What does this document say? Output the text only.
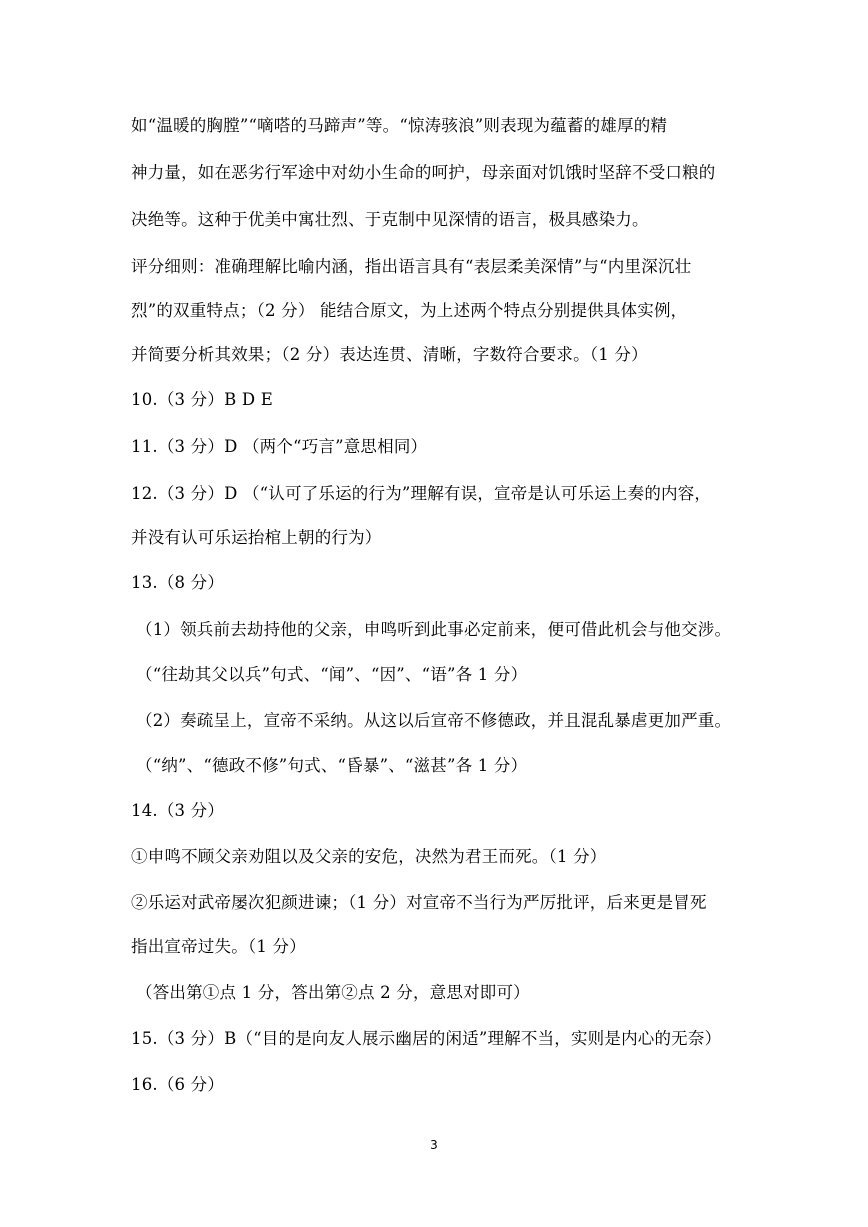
如“温暖的胸膛”“嘀嗒的马蹄声”等。“惊涛骇浪”则表现为蕴蓄的雄厚的精
神力量，如在恶劣行军途中对幼小生命的呵护，母亲面对饥饿时坚辞不受口粮的
决绝等。这种于优美中寓壮烈、于克制中见深情的语言，极具感染力。
评分细则：准确理解比喻内涵，指出语言具有“表层柔美深情”与“内里深沉壮
烈”的双重特点；（2 分） 能结合原文，为上述两个特点分别提供具体实例，
并简要分析其效果；（2 分）表达连贯、清晰，字数符合要求。（1 分）
10.（3 分）B D E
11.（3 分）D （两个“巧言”意思相同）
12.（3 分）D （“认可了乐运的行为”理解有误，宣帝是认可乐运上奏的内容，
并没有认可乐运抬棺上朝的行为）
13.（8 分）
（1）领兵前去劫持他的父亲，申鸣听到此事必定前来，便可借此机会与他交涉。
（“往劫其父以兵”句式、“闻”、“因”、“语”各 1 分）
（2）奏疏呈上，宣帝不采纳。从这以后宣帝不修德政，并且混乱暴虐更加严重。
（“纳”、“德政不修”句式、“昏暴”、“滋甚”各 1 分）
14.（3 分）
①申鸣不顾父亲劝阻以及父亲的安危，决然为君王而死。（1 分）
②乐运对武帝屡次犯颜进谏；（1 分）对宣帝不当行为严厉批评，后来更是冒死
指出宣帝过失。（1 分）
（答出第①点 1 分，答出第②点 2 分，意思对即可）
15.（3 分）B（“目的是向友人展示幽居的闲适”理解不当，实则是内心的无奈）
16.（6 分）
3
